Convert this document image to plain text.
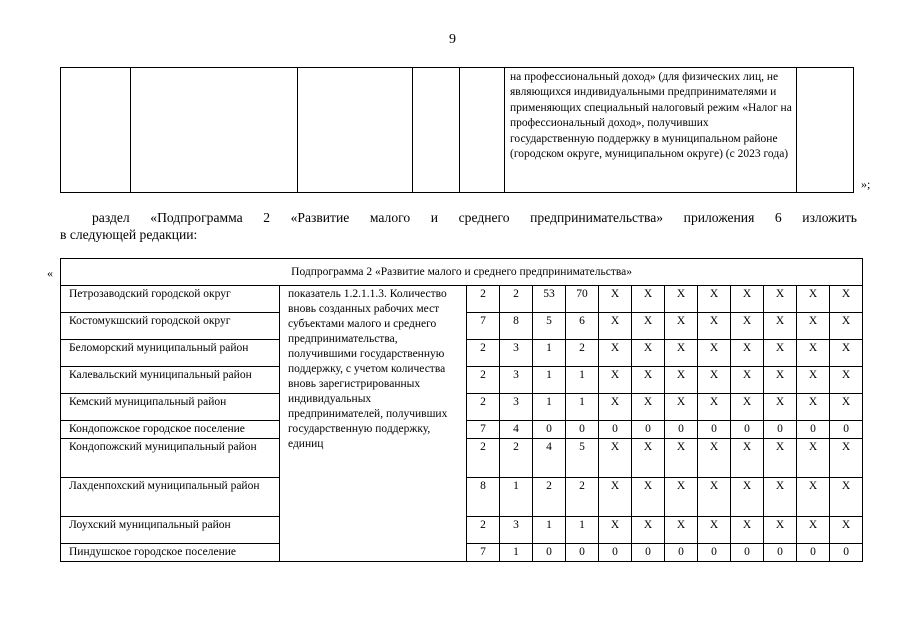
9
					на профессиональный доход» (для физических лиц, не являющихся индивидуальными предпринимателями и применяющих специальный налоговый режим «Налог на профессиональный доход», получивших государственную поддержку в муниципальном районе (городском округе, муниципальном округе) (с 2023 года)	
»;
раздел «Подпрограмма 2 «Развитие малого и среднего предпринимательства» приложения 6 изложить
в следующей редакции:
«	Подпрограмма 2 «Развитие малого и среднего предпринимательства»													
Петрозаводский городской округ	показатель 1.2.1.1.3. Количество вновь созданных рабочих мест субъектами малого и среднего предпринимательства, получившими государственную поддержку, с учетом количества вновь зарегистрированных индивидуальных предпринимателей, получивших государственную поддержку, единиц	2	2	53	70	X	X	X	X	X	X	X	X
Костомукшский городской округ		7	8	5	6	X	X	X	X	X	X	X	X
Беломорский муниципальный район		2	3	1	2	X	X	X	X	X	X	X	X
Калевальский муниципальный район		2	3	1	1	X	X	X	X	X	X	X	X
Кемский муниципальный район		2	3	1	1	X	X	X	X	X	X	X	X
Кондопожское городское поселение		7	4	0	0	0	0	0	0	0	0	0	0
Кондопожский муниципальный район		2	2	4	5	X	X	X	X	X	X	X	X
Лахденпохский муниципальный район		8	1	2	2	X	X	X	X	X	X	X	X
Лоухский муниципальный район		2	3	1	1	X	X	X	X	X	X	X	X
Пиндушское городское поселение		7	1	0	0	0	0	0	0	0	0	0	0
